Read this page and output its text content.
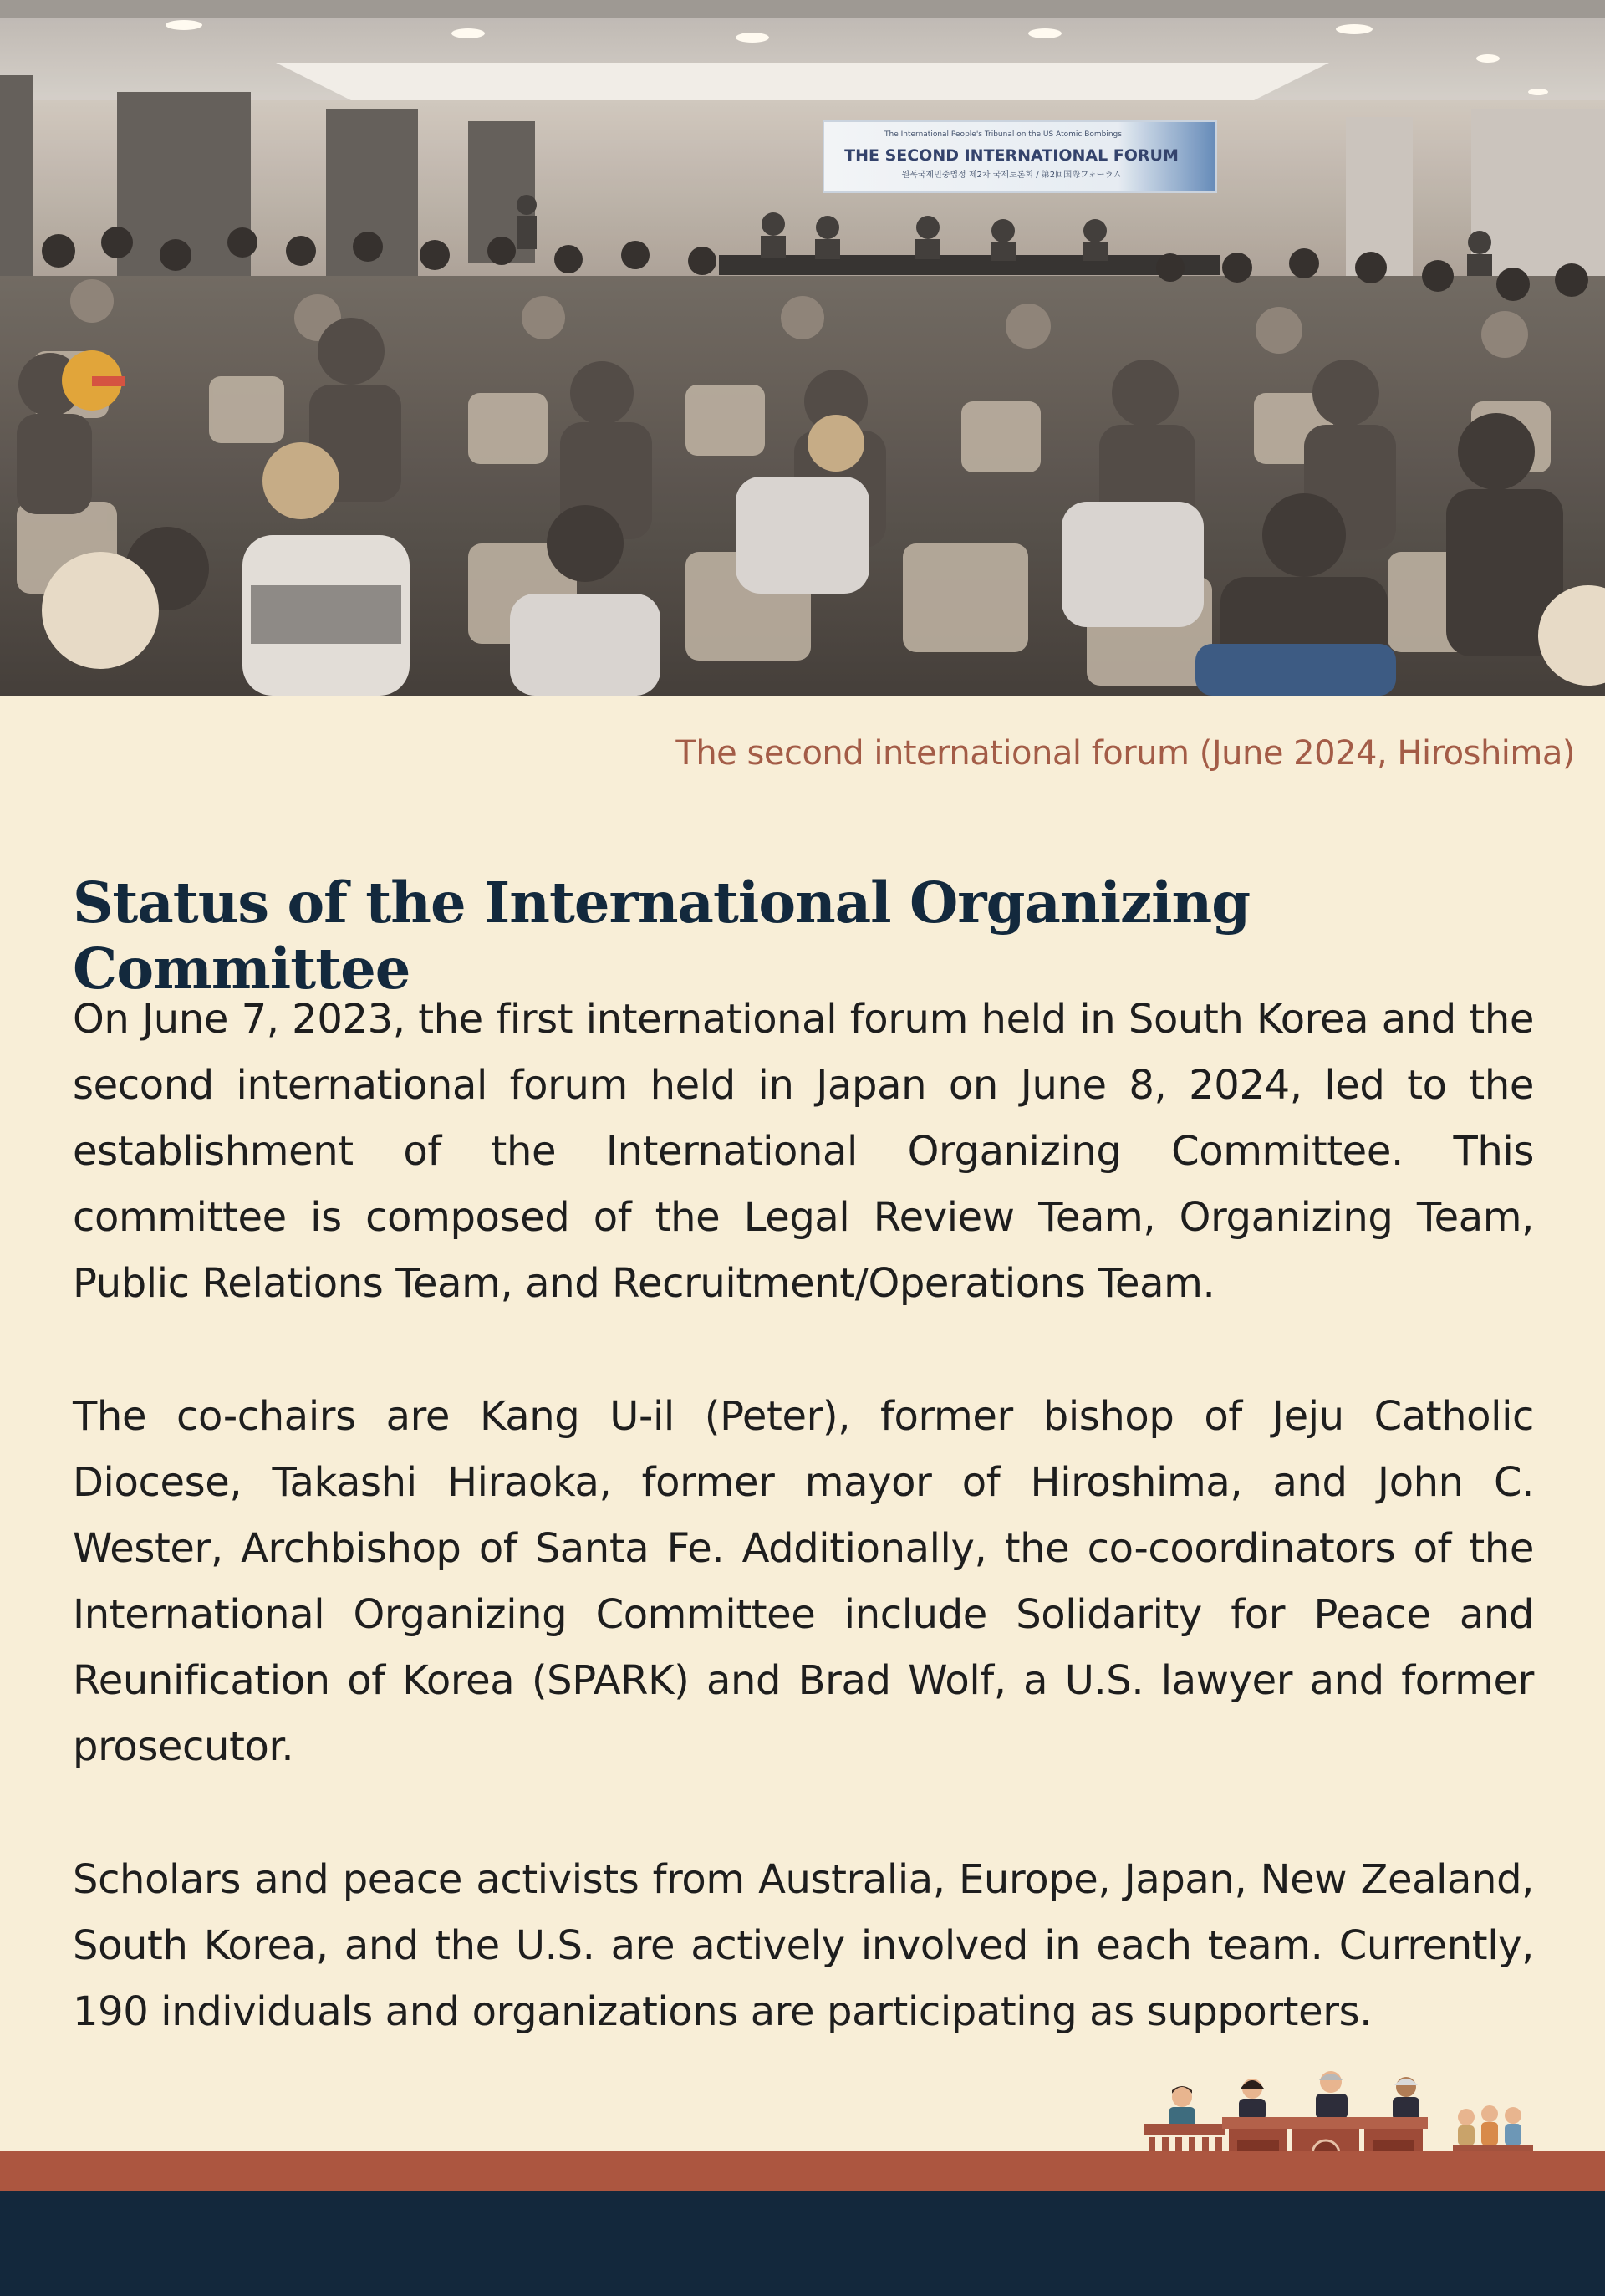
The International People's Tribunal on the US Atomic Bombings
THE SECOND INTERNATIONAL FORUM
원폭국제민중법정 제2차 국제토론회 / 第2回国際フォーラム
The second international forum (June 2024, Hiroshima)
Status of the International Organizing Committee

On June 7, 2023, the first international forum held in South Korea and the second international forum held in Japan on June 8, 2024, led to the establishment of the International Organizing Committee. This committee is composed of the Legal Review Team, Organizing Team, Public Relations Team, and Recruitment/Operations Team.

The co-chairs are Kang U-il (Peter), former bishop of Jeju Catholic Diocese, Takashi Hiraoka, former mayor of Hiroshima, and John C. Wester, Archbishop of Santa Fe. Additionally, the co-coordinators of the International Organizing Committee include Solidarity for Peace and Reunification of Korea (SPARK) and Brad Wolf, a U.S. lawyer and former prosecutor.

Scholars and peace activists from Australia, Europe, Japan, New Zealand, South Korea, and the U.S. are actively involved in each team. Currently, 190 individuals and organizations are participating as supporters.
